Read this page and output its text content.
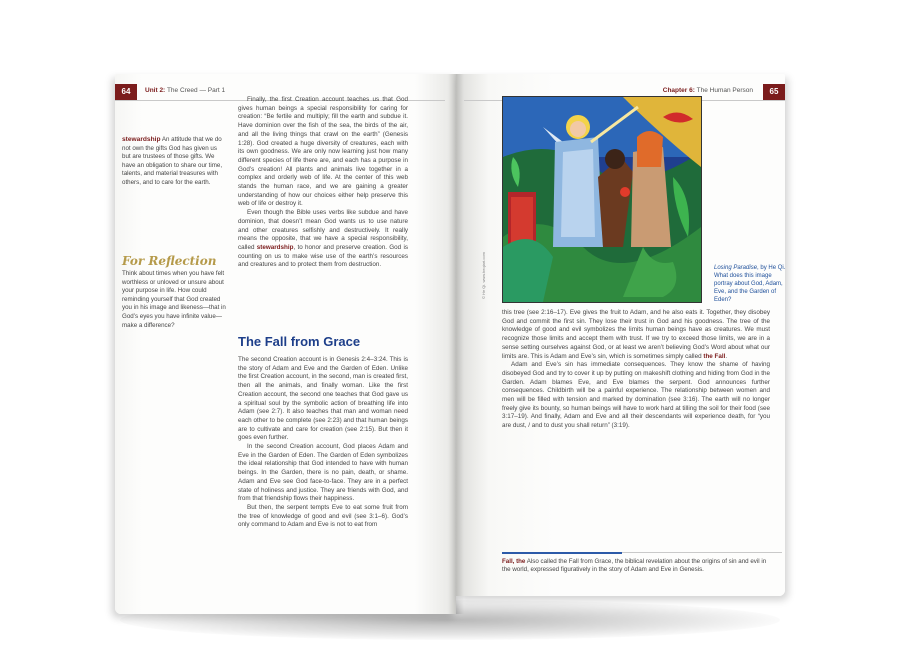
64	Unit 2: The Creed — Part 1
stewardship An attitude that we do not own the gifts God has given us but are trustees of those gifts. We have an obligation to share our time, talents, and material treasures with others, and to care for the earth.
For Reflection
Think about times when you have felt worthless or unloved or unsure about your purpose in life. How could reminding yourself that God created you in his image and likeness—that in God’s eyes you have infinite value—make a difference?

Finally, the first Creation account teaches us that God gives human beings a special responsibility for caring for creation: “Be fertile and multiply; fill the earth and subdue it. Have dominion over the fish of the sea, the birds of the air, and all the living things that crawl on the earth” (Genesis 1:28). God created a huge diversity of creatures, each with its own goodness. We are only now learning just how many different species of life there are, and each has a purpose in God’s creation! All plants and animals live together in a complex and orderly web of life. At the center of this web stands the human race, and we are gaining a greater understanding of how our choices either help preserve this web of life or destroy it.

Even though the Bible uses verbs like subdue and have dominion, that doesn’t mean God wants us to use nature and other creatures selfishly and destructively. It really means the opposite, that we have a special responsibility, called stewardship, to honor and preserve creation. God is counting on us to make wise use of the earth’s resources and creatures and to protect them from destruction.

The Fall from Grace

The second Creation account is in Genesis 2:4–3:24. This is the story of Adam and Eve and the Garden of Eden. Unlike the first Creation account, in the second, man is created first, then all the animals, and finally woman. Like the first Creation account, the second one teaches that God gave us a spiritual soul by the symbolic action of breathing life into Adam (see 2:7). It also teaches that man and woman need each other to be complete (see 2:23) and that human beings are to cultivate and care for creation (see 2:15). But then it goes even further.

In the second Creation account, God places Adam and Eve in the Garden of Eden. The Garden of Eden symbolizes the ideal relationship that God intended to have with human beings. In the Garden, there is no pain, death, or shame. Adam and Eve see God face-to-face. They are in a perfect state of holiness and justice. They are friends with God, and from that friendship flows their happiness.

But then, the serpent tempts Eve to eat some fruit from the tree of knowledge of good and evil (see 3:1–6). God’s only command to Adam and Eve is not to eat from

Chapter 6: The Human Person	65
© He Qi. www.heqiart.com	Losing Paradise, by He Qi. What does this image portray about God, Adam, Eve, and the Garden of Eden?

this tree (see 2:16–17). Eve gives the fruit to Adam, and he also eats it. Together, they disobey God and commit the first sin. They lose their trust in God and his goodness. The tree of the knowledge of good and evil symbolizes the limits human beings have as creatures. We must recognize those limits and accept them with trust. If we try to exceed those limits, we are in a sense setting ourselves against God, or at least we aren’t believing God’s Word about what our limits are. This is Adam and Eve’s sin, which is sometimes simply called the Fall.

Adam and Eve’s sin has immediate consequences. They know the shame of having disobeyed God and try to cover it up by putting on makeshift clothing and hiding from God in the Garden. Adam blames Eve, and Eve blames the serpent. God announces further consequences. Childbirth will be a painful experience. The relationship between women and men will be filled with tension and marked by domination (see 3:16). The earth will no longer freely give its bounty, so human beings will have to work hard at tilling the soil for their food (see 3:17–19). And finally, Adam and Eve and all their descendants will experience death, for “you are dust, / and to dust you shall return” (3:19).

Fall, the Also called the Fall from Grace, the biblical revelation about the origins of sin and evil in the world, expressed figuratively in the story of Adam and Eve in Genesis.
